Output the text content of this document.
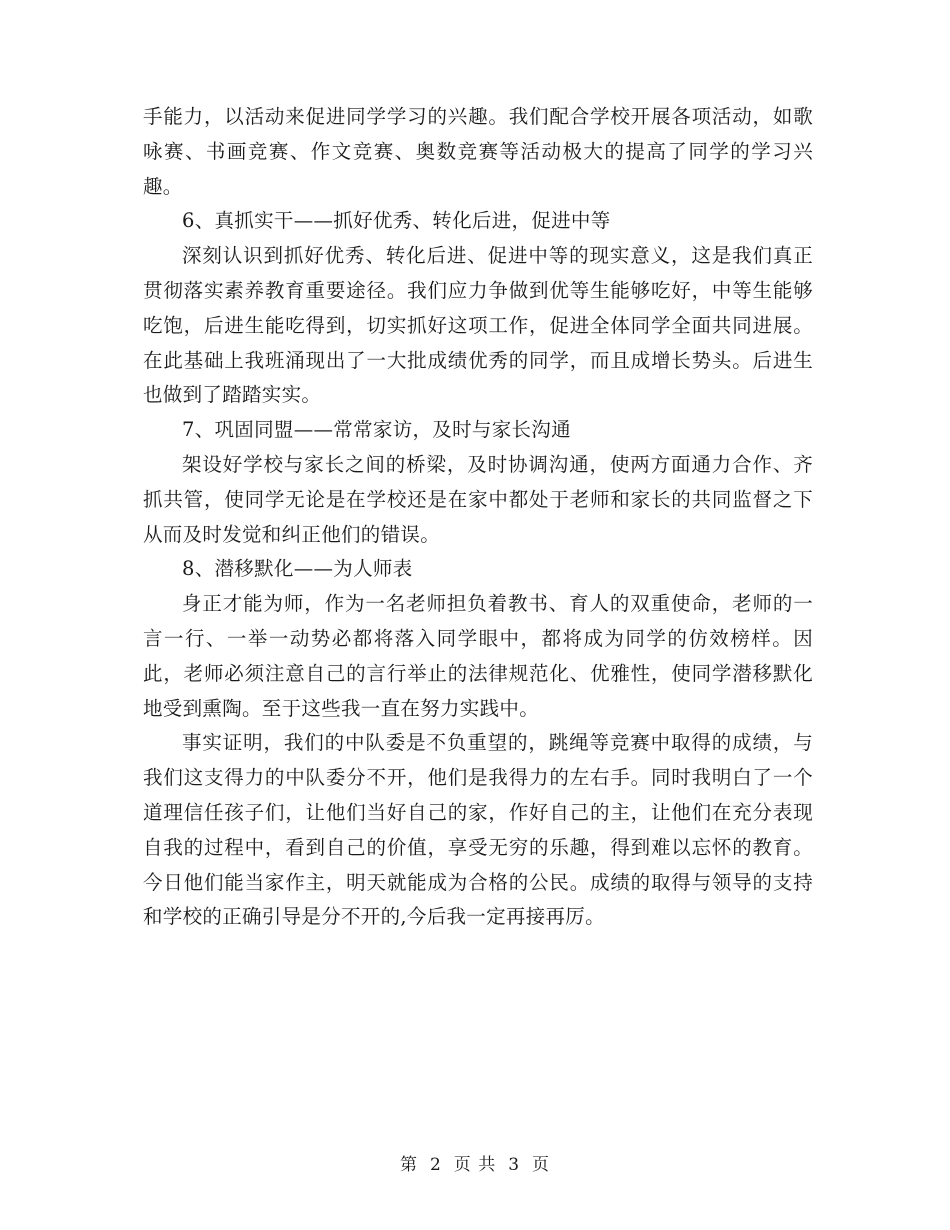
手能力，以活动来促进同学学习的兴趣。我们配合学校开展各项活动，如歌咏赛、书画竞赛、作文竞赛、奥数竞赛等活动极大的提高了同学的学习兴趣。

6、真抓实干——抓好优秀、转化后进，促进中等

深刻认识到抓好优秀、转化后进、促进中等的现实意义，这是我们真正贯彻落实素养教育重要途径。我们应力争做到优等生能够吃好，中等生能够吃饱，后进生能吃得到，切实抓好这项工作，促进全体同学全面共同进展。在此基础上我班涌现出了一大批成绩优秀的同学，而且成增长势头。后进生也做到了踏踏实实。

7、巩固同盟——常常家访，及时与家长沟通

架设好学校与家长之间的桥梁，及时协调沟通，使两方面通力合作、齐抓共管，使同学无论是在学校还是在家中都处于老师和家长的共同监督之下从而及时发觉和纠正他们的错误。

8、潜移默化——为人师表

身正才能为师，作为一名老师担负着教书、育人的双重使命，老师的一言一行、一举一动势必都将落入同学眼中，都将成为同学的仿效榜样。因此，老师必须注意自己的言行举止的法律规范化、优雅性，使同学潜移默化地受到熏陶。至于这些我一直在努力实践中。

事实证明，我们的中队委是不负重望的，跳绳等竞赛中取得的成绩，与我们这支得力的中队委分不开，他们是我得力的左右手。同时我明白了一个道理信任孩子们，让他们当好自己的家，作好自己的主，让他们在充分表现自我的过程中，看到自己的价值，享受无穷的乐趣，得到难以忘怀的教育。今日他们能当家作主，明天就能成为合格的公民。成绩的取得与领导的支持和学校的正确引导是分不开的,今后我一定再接再厉。

第 2 页 共 3 页
